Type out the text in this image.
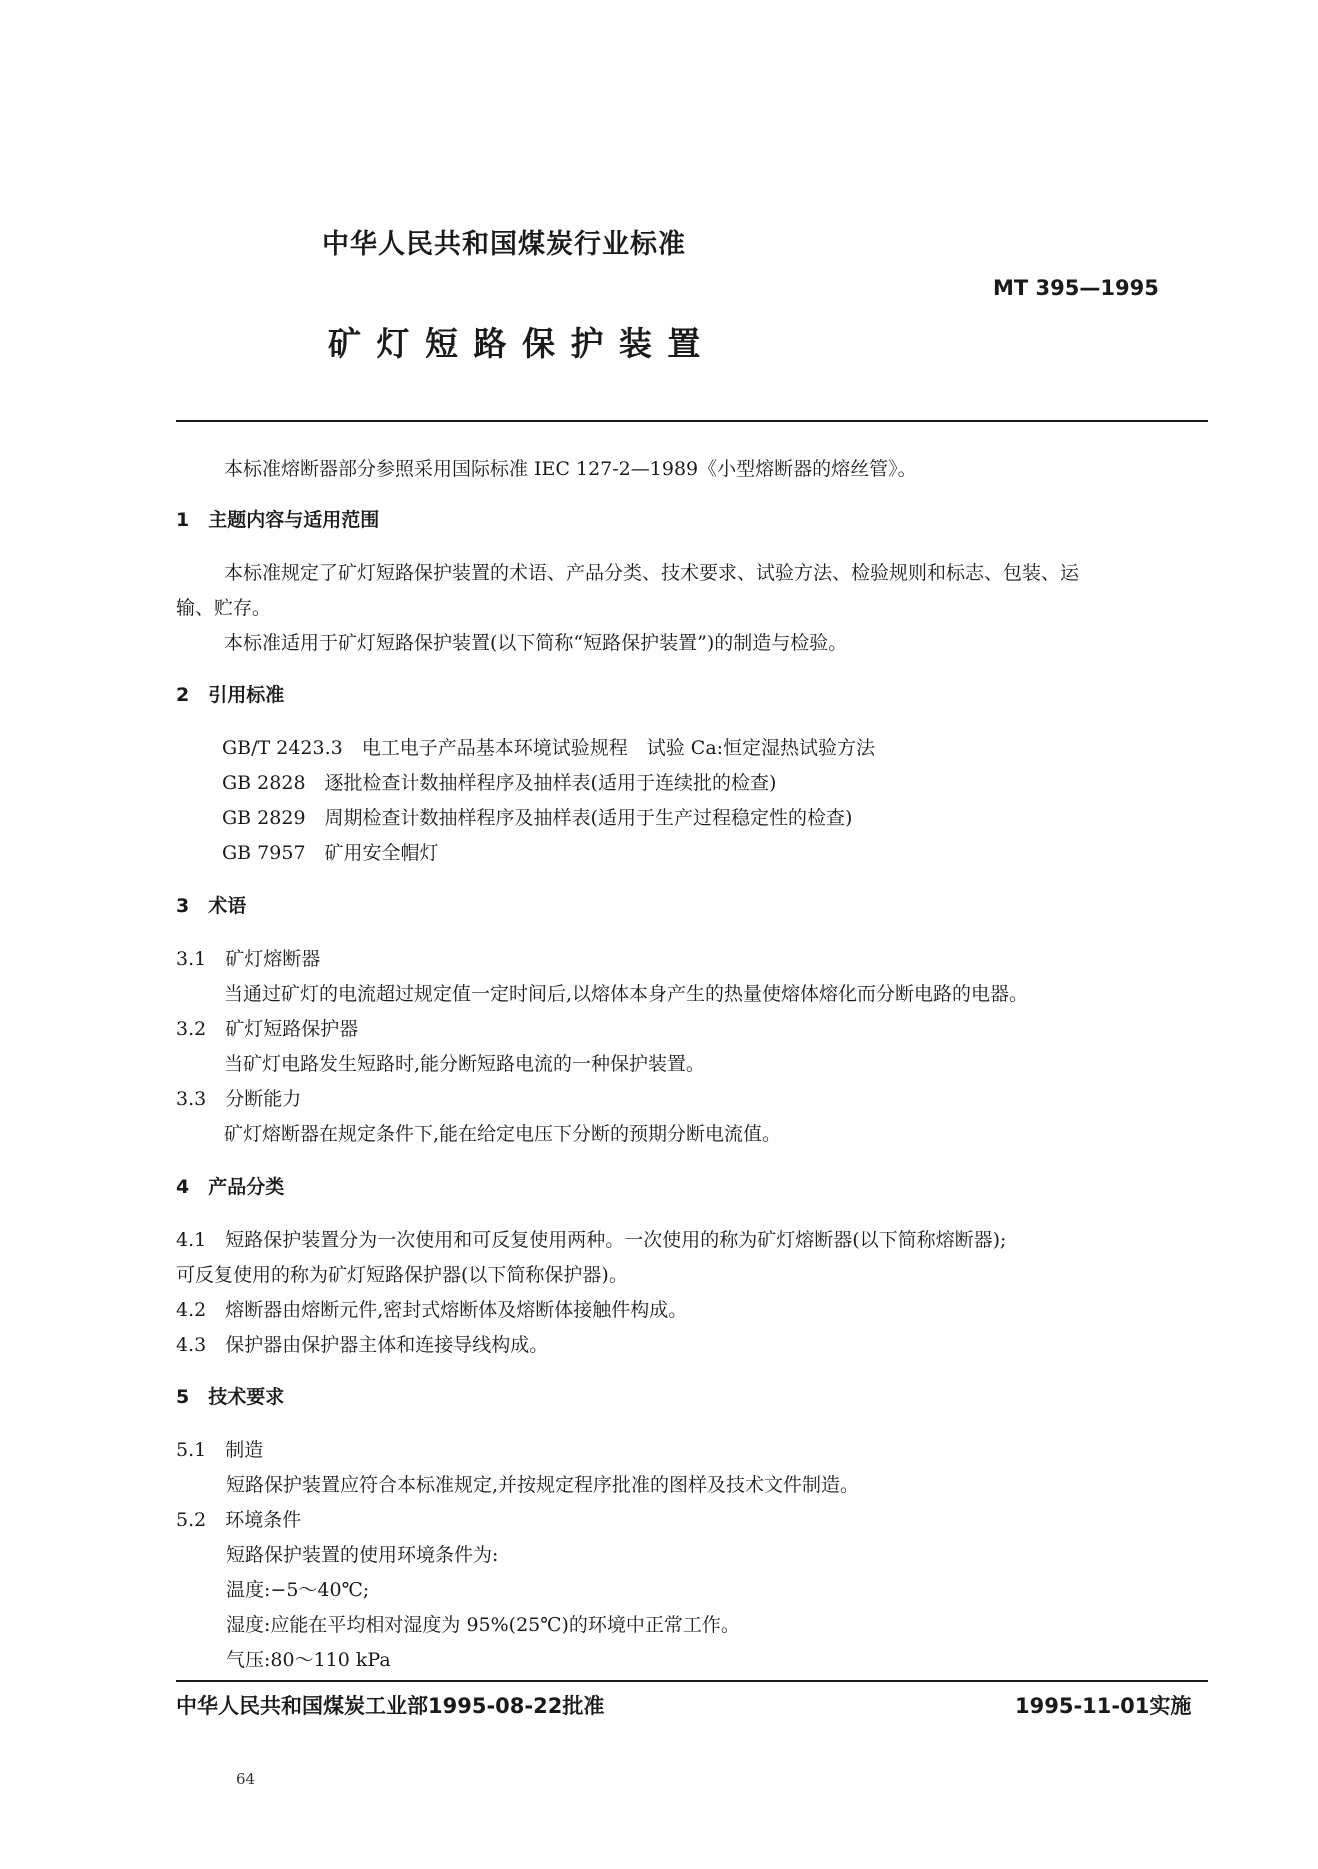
中华人民共和国煤炭行业标准
MT 395—1995
矿 灯 短 路 保 护 装 置
本标准熔断器部分参照采用国际标准 IEC 127-2—1989《小型熔断器的熔丝管》。
1　主题内容与适用范围
本标准规定了矿灯短路保护装置的术语、产品分类、技术要求、试验方法、检验规则和标志、包装、运
输、贮存。
本标准适用于矿灯短路保护装置(以下简称“短路保护装置”)的制造与检验。
2　引用标准
GB/T 2423.3　电工电子产品基本环境试验规程　试验 Ca:恒定湿热试验方法
GB 2828　逐批检查计数抽样程序及抽样表(适用于连续批的检查)
GB 2829　周期检查计数抽样程序及抽样表(适用于生产过程稳定性的检查)
GB 7957　矿用安全帽灯
3　术语
3.1　矿灯熔断器
当通过矿灯的电流超过规定值一定时间后,以熔体本身产生的热量使熔体熔化而分断电路的电器。
3.2　矿灯短路保护器
当矿灯电路发生短路时,能分断短路电流的一种保护装置。
3.3　分断能力
矿灯熔断器在规定条件下,能在给定电压下分断的预期分断电流值。
4　产品分类
4.1　短路保护装置分为一次使用和可反复使用两种。一次使用的称为矿灯熔断器(以下简称熔断器);
可反复使用的称为矿灯短路保护器(以下简称保护器)。
4.2　熔断器由熔断元件,密封式熔断体及熔断体接触件构成。
4.3　保护器由保护器主体和连接导线构成。
5　技术要求
5.1　制造
短路保护装置应符合本标准规定,并按规定程序批准的图样及技术文件制造。
5.2　环境条件
短路保护装置的使用环境条件为:
温度:−5～40℃;
湿度:应能在平均相对湿度为 95%(25℃)的环境中正常工作。
气压:80～110 kPa
中华人民共和国煤炭工业部1995-08-22批准	1995-11-01实施
64
